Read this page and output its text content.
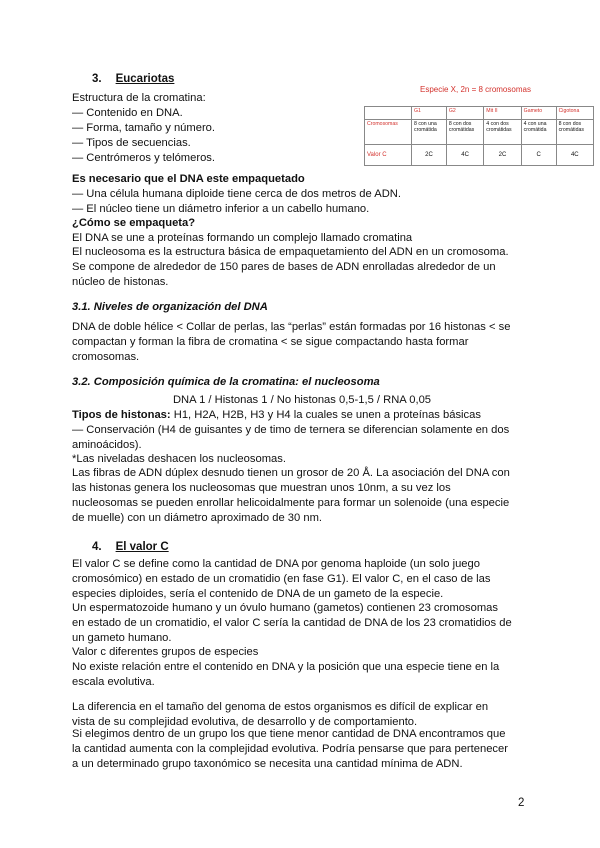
3. Eucariotas
Estructura de la cromatina:
— Contenido en DNA.
— Forma, tamaño y número.
— Tipos de secuencias.
— Centrómeros y telómeros.
Especie X, 2n = 8 cromosomas
	G1	G2	Mit II	Gameto	Cigotona
Cromosomas	8 con una cromátida	8 con dos cromátidas	4 con dos cromátidas	4 con una cromátida	8 con dos cromátidas
Valor C	2C	4C	2C	C	4C
Es necesario que el DNA este empaquetado
— Una célula humana diploide tiene cerca de dos metros de ADN.
— El núcleo tiene un diámetro inferior a un cabello humano.
¿Cómo se empaqueta?
El DNA se une a proteínas formando un complejo llamado cromatina
El nucleosoma es la estructura básica de empaquetamiento del ADN en un cromosoma. Se compone de alrededor de 150 pares de bases de ADN enrolladas alrededor de un núcleo de histonas.
3.1. Niveles de organización del DNA
DNA de doble hélice < Collar de perlas, las “perlas” están formadas por 16 histonas < se compactan y forman la fibra de cromatina < se sigue compactando hasta formar cromosomas.
3.2. Composición química de la cromatina: el nucleosoma
DNA 1 / Histonas 1 / No histonas 0,5-1,5 / RNA 0,05
Tipos de histonas: H1, H2A, H2B, H3 y H4 la cuales se unen a proteínas básicas
— Conservación (H4 de guisantes y de timo de ternera se diferencian solamente en dos aminoácidos).
*Las niveladas deshacen los nucleosomas.
Las fibras de ADN dúplex desnudo tienen un grosor de 20 Å. La asociación del DNA con las histonas genera los nucleosomas que muestran unos 10nm, a su vez los nucleosomas se pueden enrollar helicoidalmente para formar un solenoide (una especie de muelle) con un diámetro aproximado de 30 nm.
4. El valor C
El valor C se define como la cantidad de DNA por genoma haploide (un solo juego cromosómico) en estado de un cromatidio (en fase G1). El valor C, en el caso de las especies diploides, sería el contenido de DNA de un gameto de la especie.
Un espermatozoide humano y un óvulo humano (gametos) contienen 23 cromosomas en estado de un cromatidio, el valor C sería la cantidad de DNA de los 23 cromatidios de un gameto humano.
Valor c diferentes grupos de especies
No existe relación entre el contenido en DNA y la posición que una especie tiene en la escala evolutiva.
La diferencia en el tamaño del genoma de estos organismos es difícil de explicar en vista de su complejidad evolutiva, de desarrollo y de comportamiento.
Si elegimos dentro de un grupo los que tiene menor cantidad de DNA encontramos que la cantidad aumenta con la complejidad evolutiva. Podría pensarse que para pertenecer a un determinado grupo taxonómico se necesita una cantidad mínima de ADN.
2
